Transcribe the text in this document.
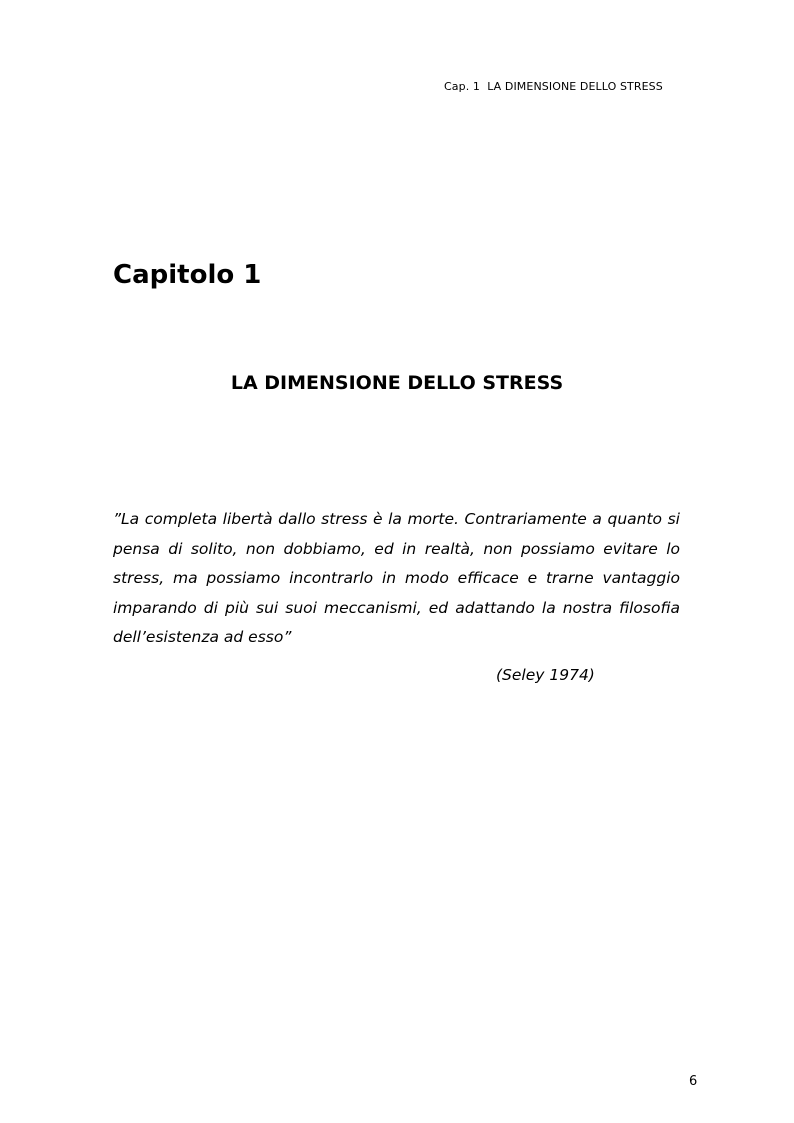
Cap. 1  LA DIMENSIONE DELLO STRESS
Capitolo 1
LA DIMENSIONE DELLO STRESS

”La completa libertà dallo stress è la morte. Contrariamente a quanto si pensa di solito, non dobbiamo, ed in realtà, non possiamo evitare lo stress, ma possiamo incontrarlo in modo efficace e trarne vantaggio imparando di più sui suoi meccanismi, ed adattando la nostra filosofia dell’esistenza ad esso”

(Seley 1974)
6
